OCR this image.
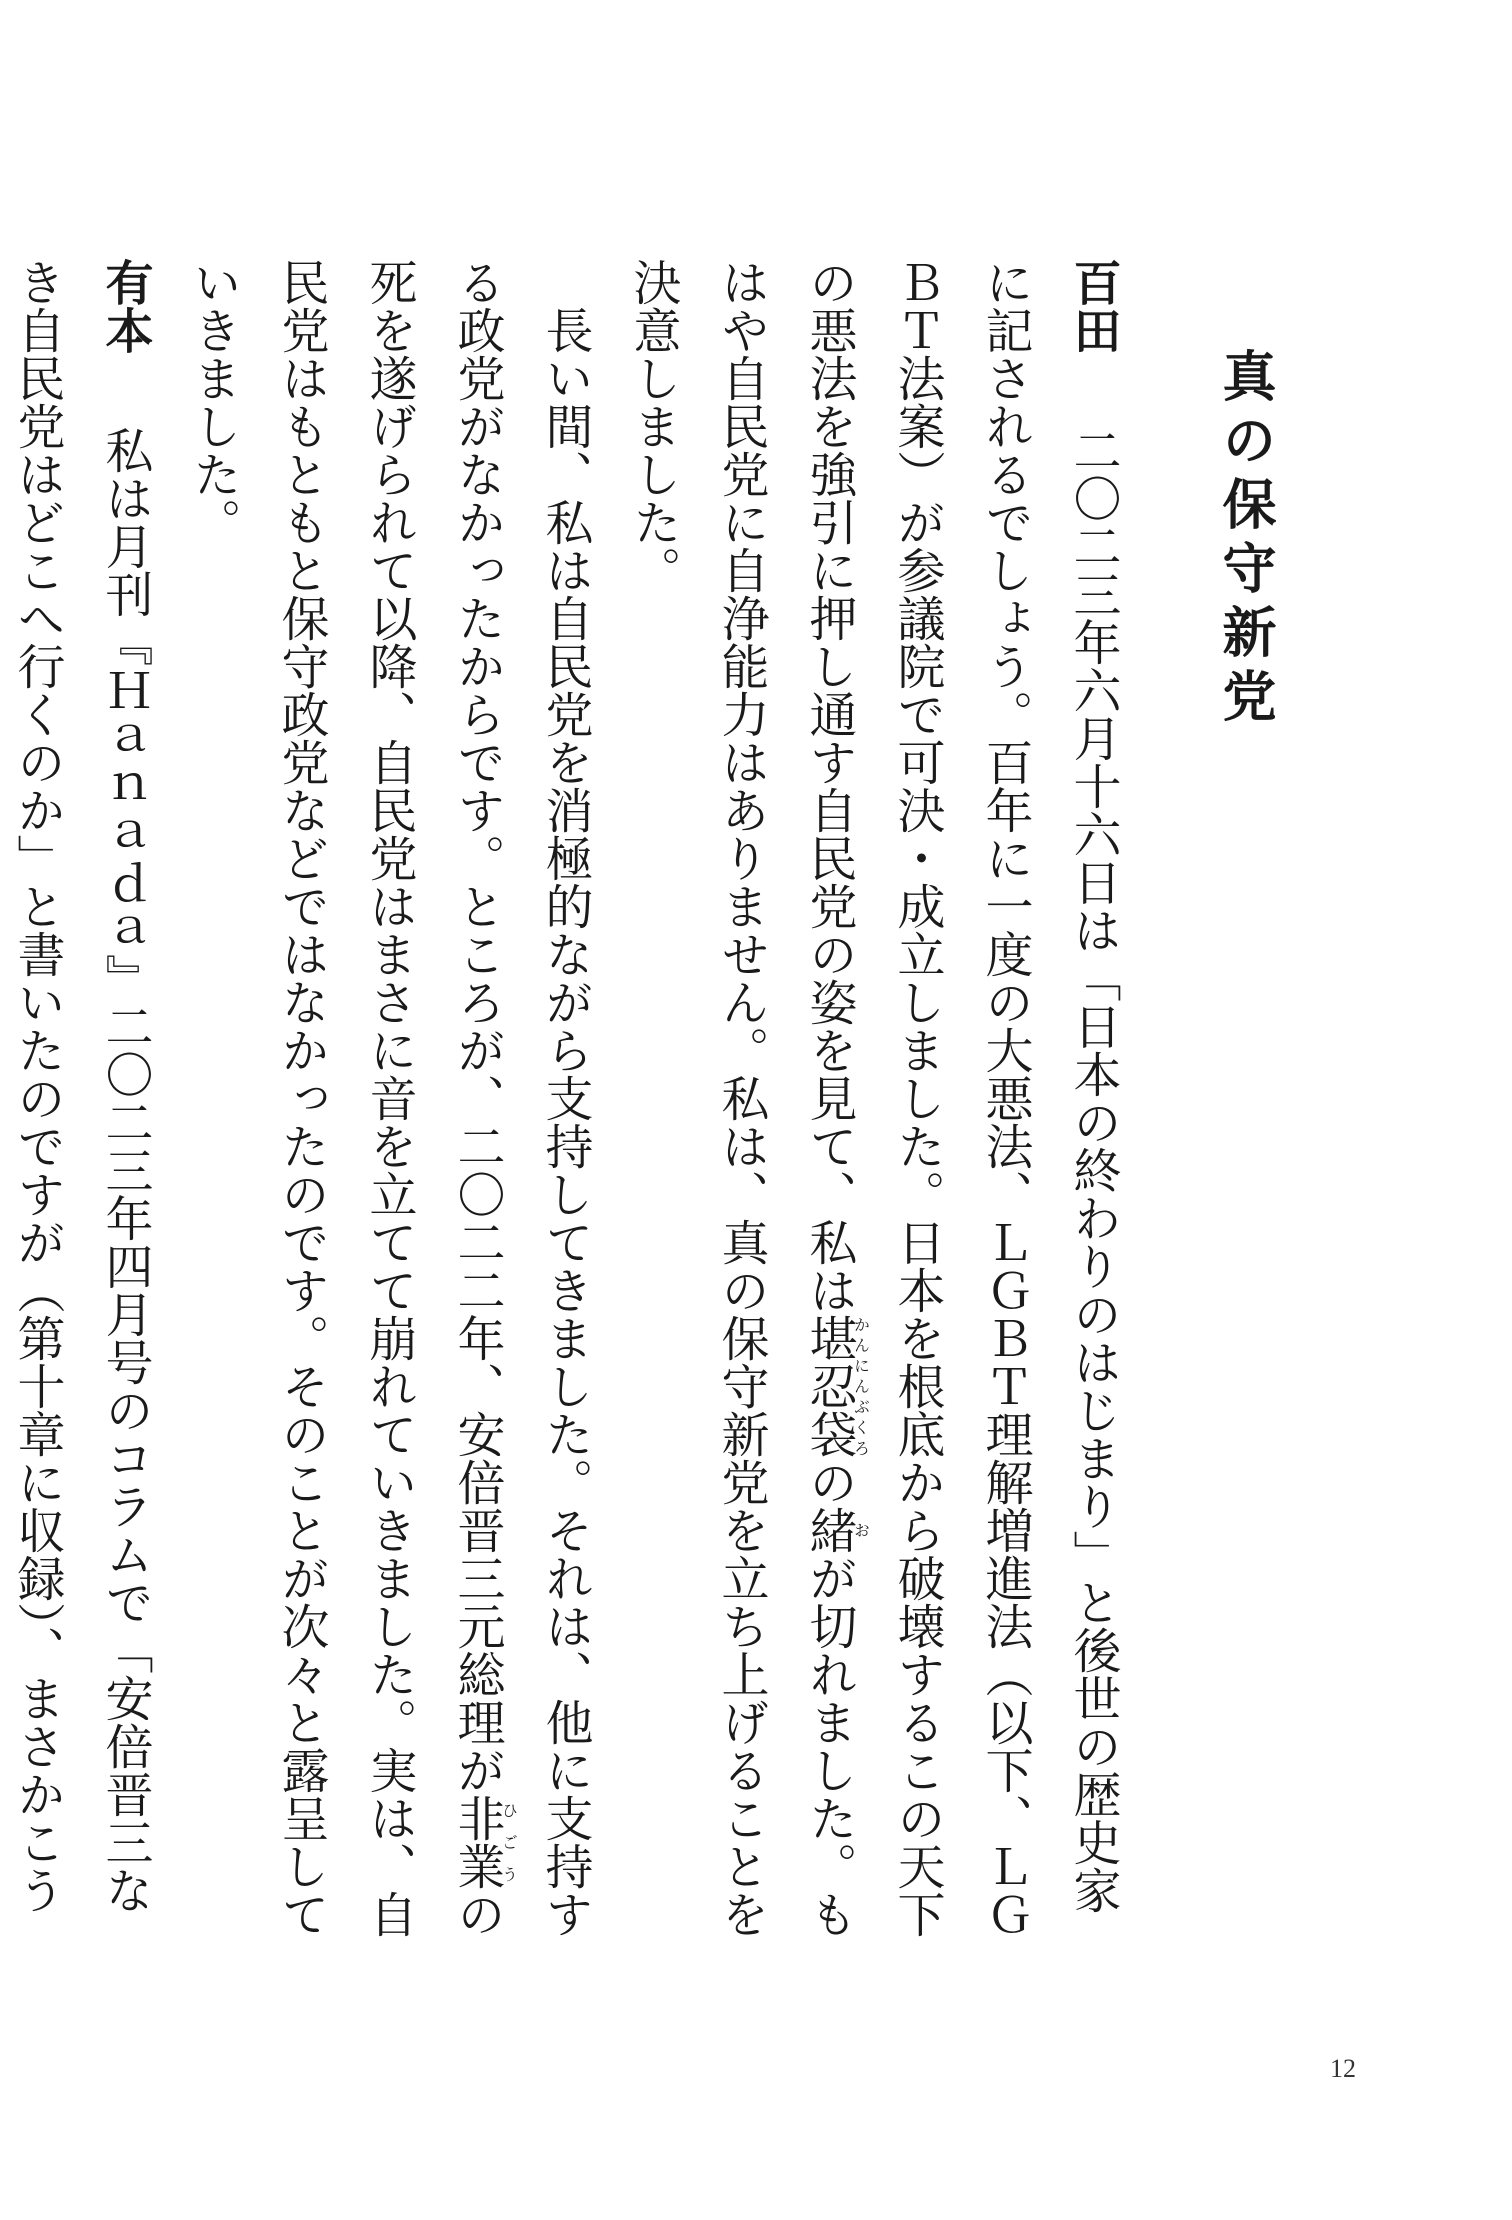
真の保守新党
百田　二〇二三年六月十六日は「日本の終わりのはじまり」と後世の歴史家に記されるでしょう。百年に一度の大悪法、ＬＧＢＴ理解増進法（以下、ＬＧＢＴ法案）が参議院で可決・成立しました。日本を根底から破壊するこの天下の悪法を強引に押し通す自民党の姿を見て、私は堪忍袋かんにんぶくろの緒おが切れました。もはや自民党に自浄能力はありません。私は、真の保守新党を立ち上げることを決意しました。
長い間、私は自民党を消極的ながら支持してきました。それは、他に支持する政党がなかったからです。ところが、二〇二二年、安倍晋三元総理が非業ひごうの死を遂げられて以降、自民党はまさに音を立てて崩れていきました。実は、自民党はもともと保守政党などではなかったのです。そのことが次々と露呈していきました。
有本　私は月刊『Ｈａｎａｄａ』二〇二三年四月号のコラムで「安倍晋三なき自民党はどこへ行くのか」と書いたのですが（第十章に収録）、まさかこう

12
